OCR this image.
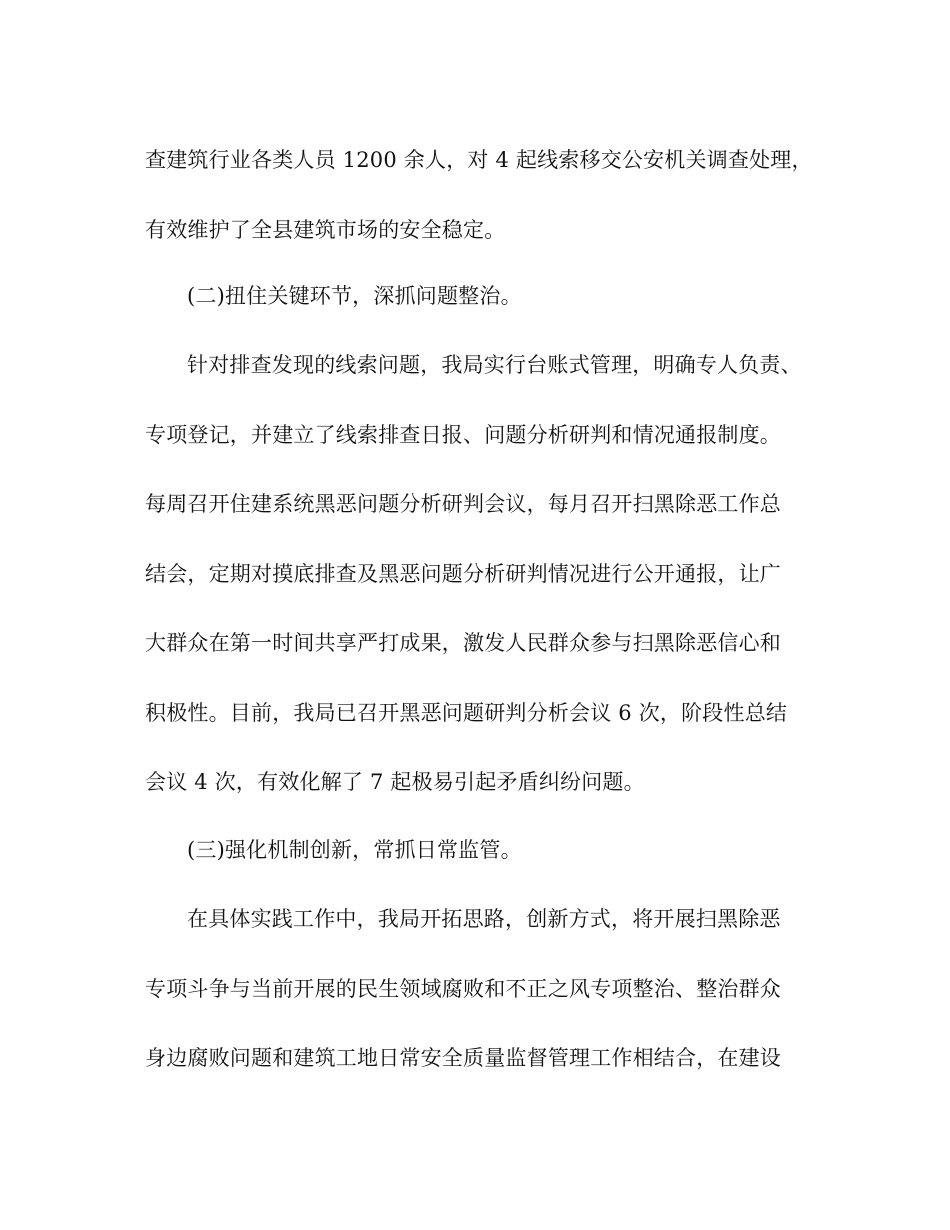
查建筑行业各类人员 1200 余人，对 4 起线索移交公安机关调查处理，
有效维护了全县建筑市场的安全稳定。
(二)扭住关键环节，深抓问题整治。
针对排查发现的线索问题，我局实行台账式管理，明确专人负责、
专项登记，并建立了线索排查日报、问题分析研判和情况通报制度。
每周召开住建系统黑恶问题分析研判会议，每月召开扫黑除恶工作总
结会，定期对摸底排查及黑恶问题分析研判情况进行公开通报，让广
大群众在第一时间共享严打成果，激发人民群众参与扫黑除恶信心和
积极性。目前，我局已召开黑恶问题研判分析会议 6 次，阶段性总结
会议 4 次，有效化解了 7 起极易引起矛盾纠纷问题。
(三)强化机制创新，常抓日常监管。
在具体实践工作中，我局开拓思路，创新方式，将开展扫黑除恶
专项斗争与当前开展的民生领域腐败和不正之风专项整治、整治群众
身边腐败问题和建筑工地日常安全质量监督管理工作相结合，在建设
